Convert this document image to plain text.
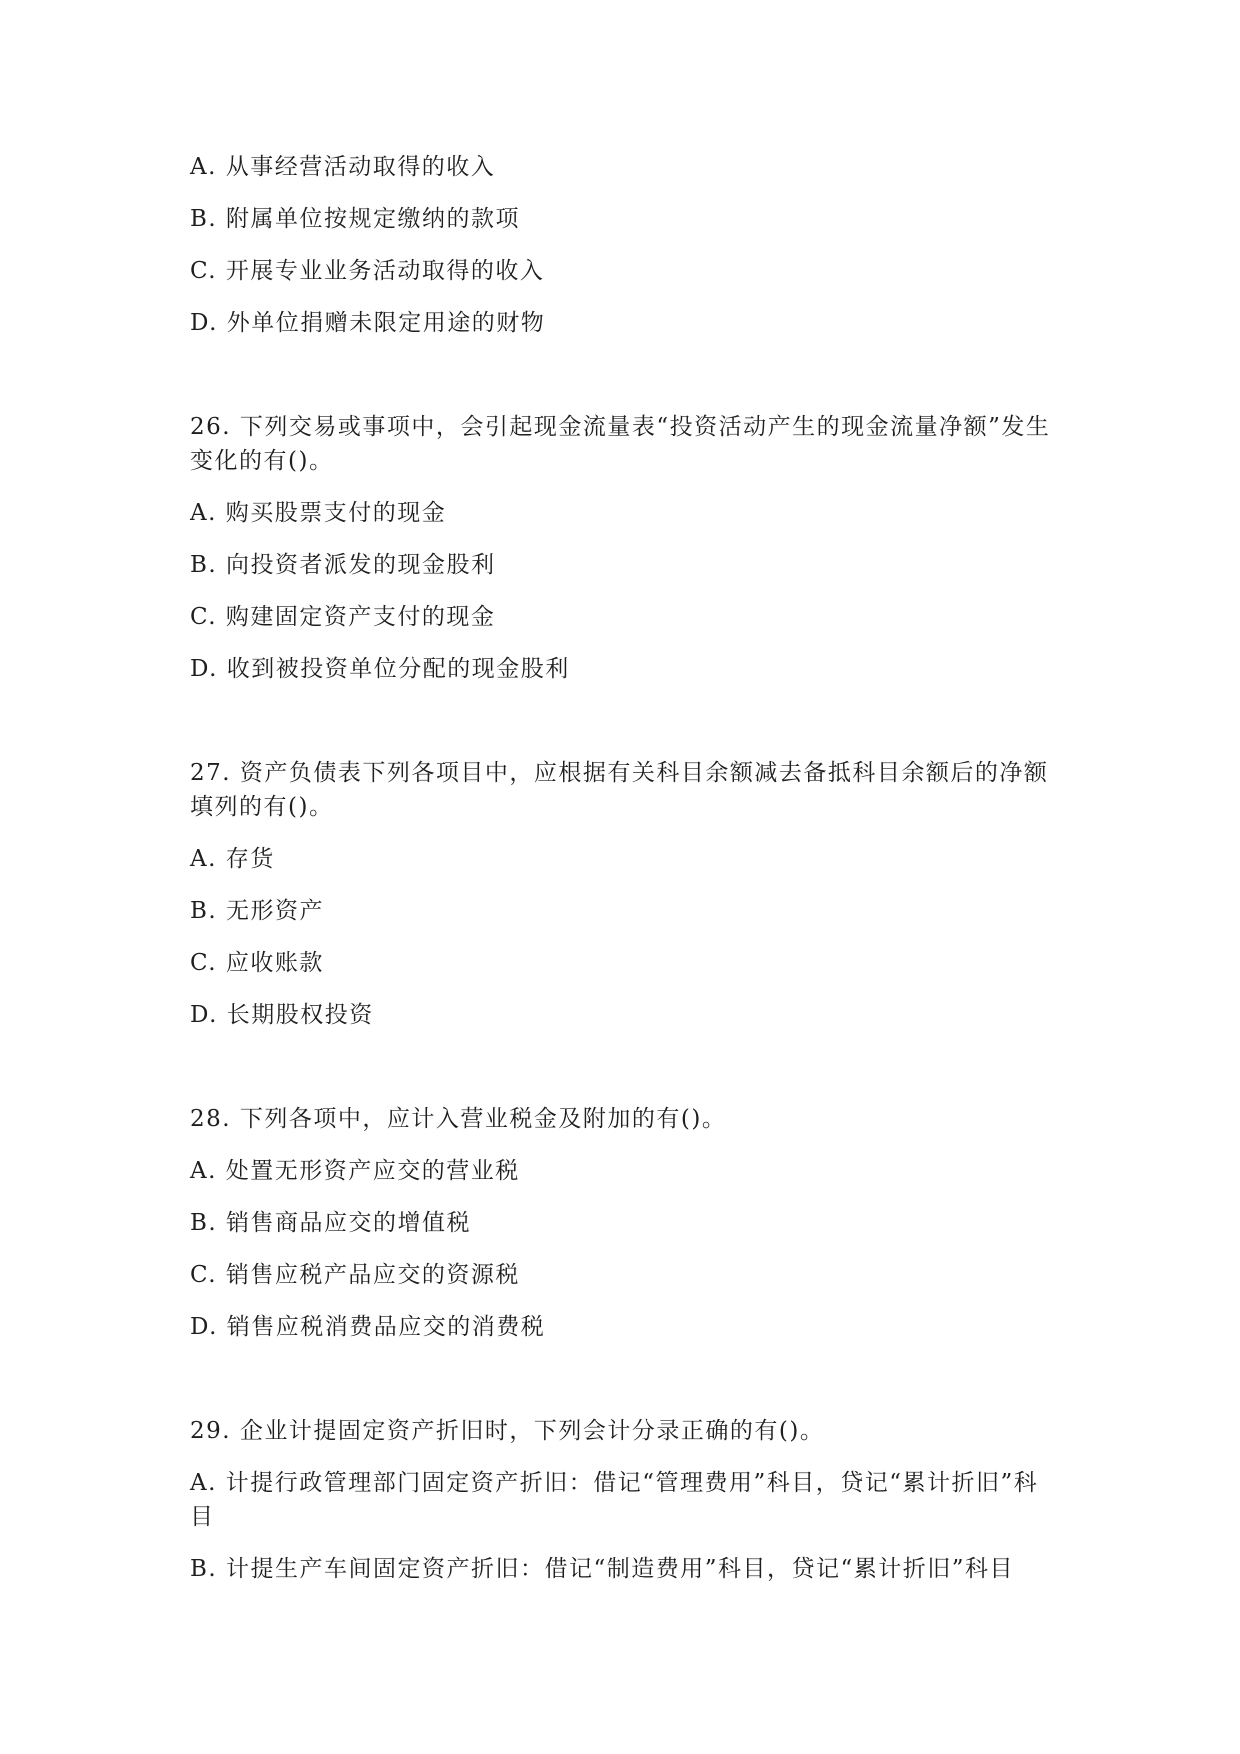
A. 从事经营活动取得的收入

B. 附属单位按规定缴纳的款项

C. 开展专业业务活动取得的收入

D. 外单位捐赠未限定用途的财物

26. 下列交易或事项中，会引起现金流量表“投资活动产生的现金流量净额”发生变化的有()。

A. 购买股票支付的现金

B. 向投资者派发的现金股利

C. 购建固定资产支付的现金

D. 收到被投资单位分配的现金股利

27. 资产负债表下列各项目中，应根据有关科目余额减去备抵科目余额后的净额填列的有()。

A. 存货

B. 无形资产

C. 应收账款

D. 长期股权投资

28. 下列各项中，应计入营业税金及附加的有()。

A. 处置无形资产应交的营业税

B. 销售商品应交的增值税

C. 销售应税产品应交的资源税

D. 销售应税消费品应交的消费税

29. 企业计提固定资产折旧时，下列会计分录正确的有()。

A. 计提行政管理部门固定资产折旧：借记“管理费用”科目，贷记“累计折旧”科目

B. 计提生产车间固定资产折旧：借记“制造费用”科目，贷记“累计折旧”科目
